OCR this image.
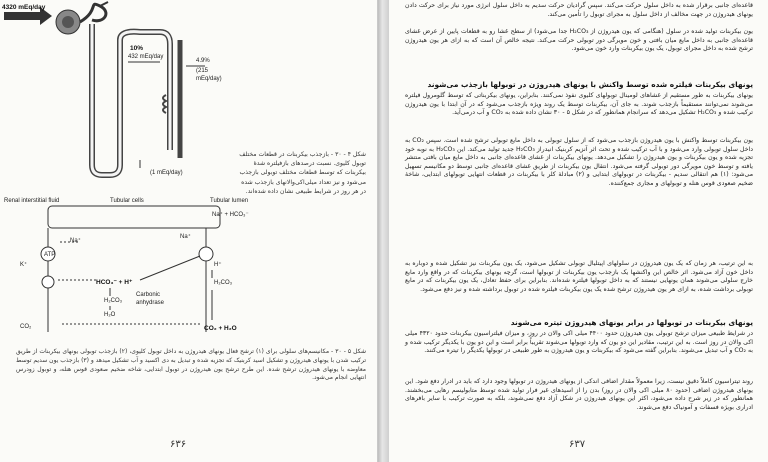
4320 mEq/day
10%
432 mEq/day
4.9%
(215
mEq/day)
(1 mEq/day)
شکل ۴ - ۳۰ - بازجذب بیکربنات در قطعات مختلف توبول کلیوی. نسبت درصدهای بازفیلتره شدهٔ بیکربنات که توسط قطعات مختلف توبولی بازجذب می‌شود و نیز تعداد میلی‌اکی‌والانهای بازجذب شده در هر روز در شرایط طبیعی نشان داده شده‌اند.
Renal interstitial fluid	Tubular cells	Tubular lumen
ATP
Na⁺
K⁺
Na⁺
Na⁺ + HCO₃⁻
HCO₃⁻ + H⁺
H₂CO₃
Carbonic
anhydrase
H₂O
CO₂	CO₂ + H₂O
H⁺
H₂CO₃
شکل ۵ - ۳۰ - مکانیسم‌های سلولی برای (۱) ترشح فعال یونهای هیدروژن به داخل توبول کلیوی، (۲) بازجذب توبولی یونهای بیکربنات از طریق ترکیب شدن با یونهای هیدروژن و تشکیل اسید کربنیک که تجزیه شده و تبدیل به دی اکسید و آب تشکیل میدهد و (۳) بازجذب یون سدیم توسط معاوضه با یونهای هیدروژن ترشح شده. این طرح ترشح یون هیدروژن در توبول ابتدایی، شاخه ضخیم صعودی قوس هنله، و توبول زودرس انتهایی انجام می‌شود.
۶۳۶
قاعده‌ای جانبی برقرار شده به داخل سلول حرکت می‌کند. سپس گرادیان حرکت سدیم به داخل سلول انرژی مورد نیاز برای حرکت دادن یونهای هیدروژن در جهت مخالف از داخل سلول به مجرای توبول را تأمین می‌کند.
یون بیکربنات تولید شده در سلول (هنگامی که یون هیدروژن از H₂CO₃ جدا می‌شود) از سطح غشا رو به قطعات پایین از عرض غشای قاعده‌ای جانبی به داخل مایع میان بافتی و خون مویرگی دور توبولی حرکت می‌کند. نتیجه خالص آن است که به ازای هر یون هیدروژن ترشح شده به داخل مجرای توبول، یک یون بیکربنات وارد خون می‌شود.
یونهای بیکربنات فیلتره شده توسط واکنش با یونهای هیدروژن در توبولها بازجذب می‌شوند
یونهای بیکربنات به طور مستقیم از غشاهای لومینال توبولهای کلیوی نفوذ نمی‌کنند. بنابراین، یونهای بیکربناتی که توسط گلومرول فیلتره می‌شوند نمی‌توانند مستقیماً بازجذب شوند. به جای آن، بیکربنات توسط یک روند ویژه بازجذب می‌شود که در آن ابتدا با یون هیدروژن ترکیب شده و H₂CO₃ تشکیل می‌دهد که سرانجام همانطور که در شکل ۵ - ۳۰ نشان داده شده به CO₂ و آب درمی‌آید.
یون بیکربنات توسط واکنش با یون هیدروژن بازجذب می‌شود که از سلول توبولی به داخل مایع توبولی ترشح شده است. سپس CO₂ به داخل سلول توبولی وارد می‌شود و با آب ترکیب شده و تحت اثر آنزیم کربنیک انیدراز H₂CO₃ جدید تولید می‌کند. این H₂CO₃ به نوبه خود تجزیه شده و یون بیکربنات و یون هیدروژن را تشکیل می‌دهد. یونهای بیکربنات از غشای قاعده‌ای جانبی به داخل مایع میان بافتی منتشر یافته و توسط خون مویرگی دور توبولی گرفته می‌شود. انتقال یون بیکربنات از طریق غشای قاعده‌ای جانبی توسط دو مکانیسم تسهیل می‌شود: (۱) هم انتقالی سدیم - بیکربنات در توبولهای ابتدایی و (۲) مبادلهٔ کلر با بیکربنات در قطعات انتهایی توبولهای ابتدایی، شاخهٔ ضخیم صعودی قوس هنله و توبولهای و مجاری جمع‌کننده.
به این ترتیب، هر زمان که یک یون هیدروژن در سلولهای اپیتلیال توبولی تشکیل می‌شود، یک یون بیکربنات نیز تشکیل شده و دوباره به داخل خون آزاد می‌شود. اثر خالص این واکنشها یک بازجذب یون بیکربنات از توبولها است، گرچه یونهای بیکربنات که در واقع وارد مایع خارج سلولی می‌شوند همان یونهایی نیستند که به داخل توبولها فیلتره شده‌اند. بنابراین برای حفظ تعادل، یک یون بیکربنات که در مایع توبولی برداشت شده، به ازای هر یون هیدروژن ترشح شده یک یون بیکربنات فیلتره شده در توبول برداشته شده و نیز دفع می‌شود.
یونهای بیکربنات در توبولها در برابر یونهای هیدروژن تیتره می‌شوند
در شرایط طبیعی میزان ترشح توبولی یون هیدروژن حدود ۴۴۰۰ میلی اکی والان در روز، و میزان فیلتراسیون بیکربنات حدود ۴۳۲۰ میلی اکی والان در روز است. به این ترتیب، مقادیر این دو یون که وارد توبولها می‌شوند تقریباً برابر است و این دو یون با یکدیگر ترکیب شده و به CO₂ و آب تبدیل می‌شوند. بنابراین گفته می‌شود که بیکربنات و یون هیدروژن به طور طبیعی در توبولها یکدیگر را تیتره می‌کنند.
روند تیتراسیون کاملاً دقیق نیست، زیرا معمولاً مقدار اضافی اندکی از یونهای هیدروژن در توبولها وجود دارد که باید در ادرار دفع شود. این یونهای هیدروژن اضافی (حدود ۸۰ میلی اکی والان در روز) بدن را از اسیدهای غیر فرار تولید شده توسط متابولیسم رهایی می‌بخشند. همانطور که در زیر شرح داده می‌شود، اکثر این یونهای هیدروژن در شکل آزاد دفع نمی‌شوند، بلکه به صورت ترکیب با سایر بافرهای ادراری بویژه فسفات و آمونیاک دفع می‌شوند.
۶۳۷
